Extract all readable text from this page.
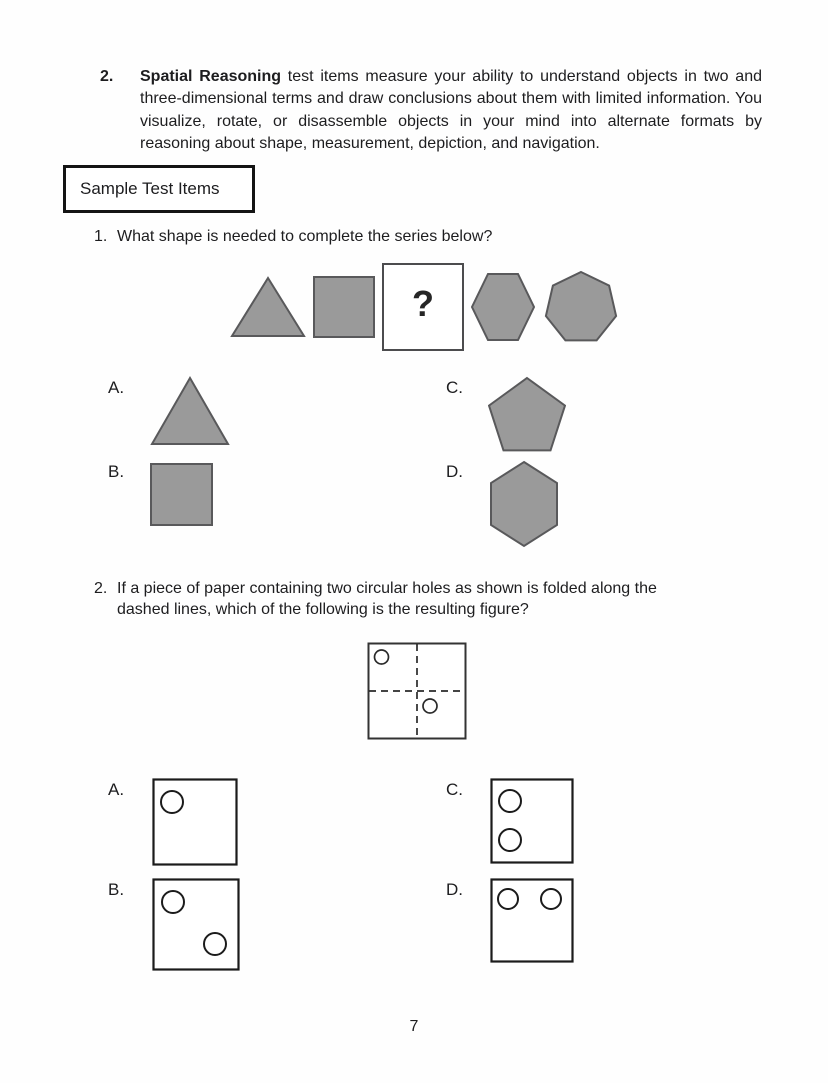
2.	Spatial Reasoning test items measure your ability to understand objects in two and three-dimensional terms and draw conclusions about them with limited information. You visualize, rotate, or disassemble objects in your mind into alternate formats by reasoning about shape, measurement, depiction, and navigation.
Sample Test Items
1. What shape is needed to complete the series below?
?
A.	C.
B.	D.
2. If a piece of paper containing two circular holes as shown is folded along the dashed lines, which of the following is the resulting figure?
A.	C.
B.	D.
7
